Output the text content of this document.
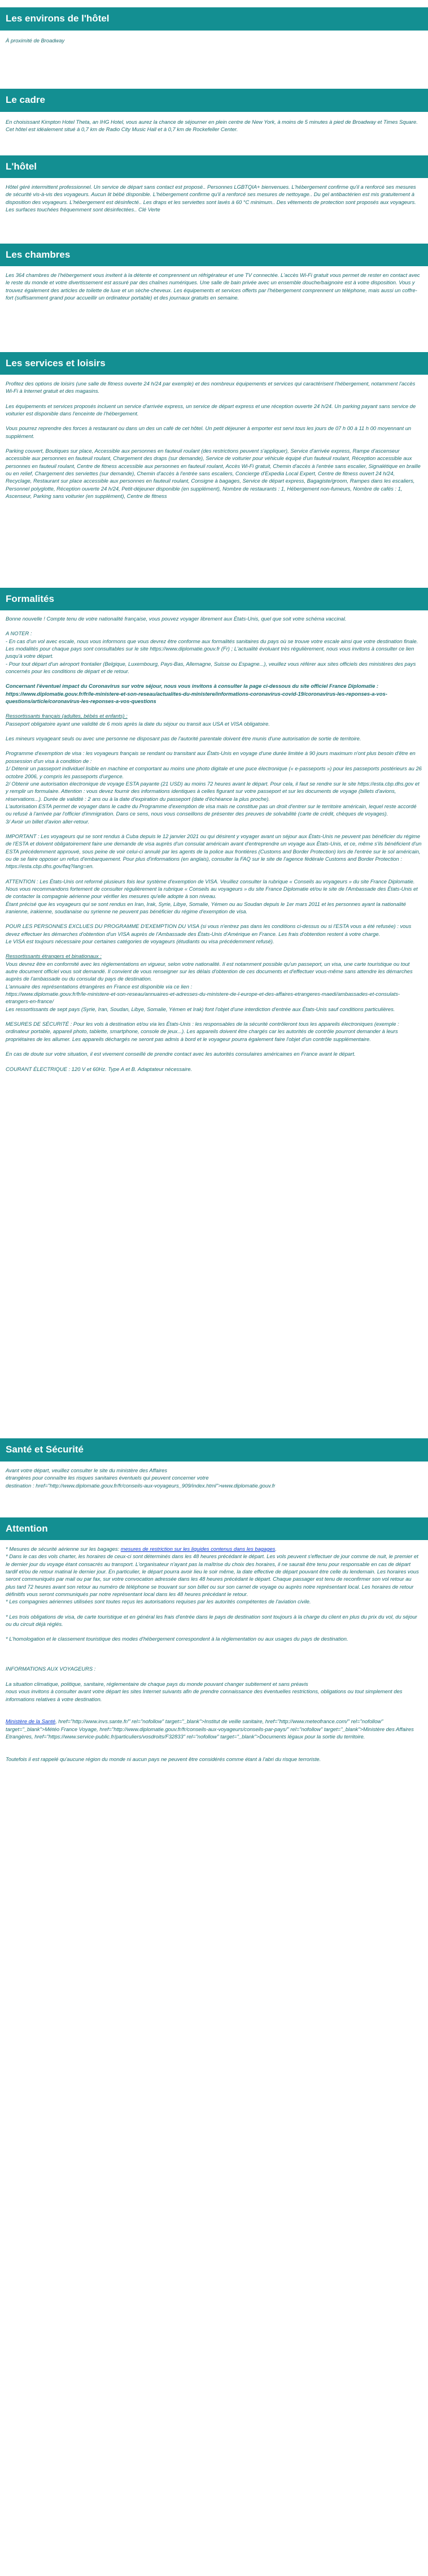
Les environs de l'hôtel

À proximité de Broadway

Le cadre

En choisissant Kimpton Hotel Theta, an IHG Hotel, vous aurez la chance de séjourner en plein centre de New York, à moins de 5 minutes à pied de Broadway et Times Square. Cet hôtel est idéalement situé à 0,7 km de Radio City Music Hall et à 0,7 km de Rockefeller Center.

L'hôtel

Hôtel géré intermittent professionnel. Un service de départ sans contact est proposé.. Personnes LGBTQIA+ bienvenues. L'hébergement confirme qu'il a renforcé ses mesures de sécurité vis-à-vis des voyageurs. Aucun lit bébé disponible. L'hébergement confirme qu'il a renforcé ses mesures de nettoyage.. Du gel antibactérien est mis gratuitement à disposition des voyageurs. L'hébergement est désinfecté.. Les draps et les serviettes sont lavés à 60 °C minimum.. Des vêtements de protection sont proposés aux voyageurs. Les surfaces touchées fréquemment sont désinfectées.. Clé Verte

Les chambres

Les 364 chambres de l'hébergement vous invitent à la détente et comprennent un réfrigérateur et une TV connectée. L'accès Wi-Fi gratuit vous permet de rester en contact avec le reste du monde et votre divertissement est assuré par des chaînes numériques. Une salle de bain privée avec un ensemble douche/baignoire est à votre disposition. Vous y trouvez également des articles de toilette de luxe et un sèche-cheveux. Les équipements et services offerts par l'hébergement comprennent un téléphone, mais aussi un coffre-fort (suffisamment grand pour accueillir un ordinateur portable) et des journaux gratuits en semaine.

Les services et loisirs

Profitez des options de loisirs (une salle de fitness ouverte 24 h/24 par exemple) et des nombreux équipements et services qui caractérisent l'hébergement, notamment l'accès Wi-Fi à Internet gratuit et des magasins.

Les équipements et services proposés incluent un service d'arrivée express, un service de départ express et une réception ouverte 24 h/24. Un parking payant sans service de voiturier est disponible dans l'enceinte de l'hébergement.

Vous pourrez reprendre des forces à restaurant ou dans un des un café de cet hôtel. Un petit déjeuner à emporter est servi tous les jours de 07 h 00 à 11 h 00 moyennant un supplément.

Parking couvert, Boutiques sur place, Accessible aux personnes en fauteuil roulant (des restrictions peuvent s'appliquer), Service d'arrivée express, Rampe d'ascenseur accessible aux personnes en fauteuil roulant, Chargement des draps (sur demande), Service de voiturier pour véhicule équipé d'un fauteuil roulant, Réception accessible aux personnes en fauteuil roulant, Centre de fitness accessible aux personnes en fauteuil roulant, Accès Wi-Fi gratuit, Chemin d'accès à l'entrée sans escalier, Signalétique en braille ou en relief, Chargement des serviettes (sur demande), Chemin d'accès à l'entrée sans escaliers, Concierge d'Expedia Local Expert, Centre de fitness ouvert 24 h/24, Recyclage, Restaurant sur place accessible aux personnes en fauteuil roulant, Consigne à bagages, Service de départ express, Bagagiste/groom, Rampes dans les escaliers, Personnel polyglotte, Réception ouverte 24 h/24, Petit-déjeuner disponible (en supplément), Nombre de restaurants : 1, Hébergement non-fumeurs, Nombre de cafés : 1, Ascenseur, Parking sans voiturier (en supplément), Centre de fitness

Formalités

Bonne nouvelle ! Compte tenu de votre nationalité française, vous pouvez voyager librement aux États-Unis, quel que soit votre schéma vaccinal.

A NOTER :
- En cas d'un vol avec escale, nous vous informons que vous devrez être conforme aux formalités sanitaires du pays où se trouve votre escale ainsi que votre destination finale.
Les modalités pour chaque pays sont consultables sur le site https://www.diplomatie.gouv.fr (Fr) ; L'actualité évoluant très régulièrement, nous vous invitons à consulter ce lien jusqu'à votre départ.
- Pour tout départ d'un aéroport frontalier (Belgique, Luxembourg, Pays-Bas, Allemagne, Suisse ou Espagne...), veuillez vous référer aux sites officiels des ministères des pays concernés pour les conditions de départ et de retour.

Concernant l'éventuel impact du Coronavirus sur votre séjour, nous vous invitons à consulter la page ci-dessous du site officiel France Diplomatie :
https://www.diplomatie.gouv.fr/fr/le-ministere-et-son-reseau/actualites-du-ministere/informations-coronavirus-covid-19/coronavirus-les-reponses-a-vos-questions/article/coronavirus-les-reponses-a-vos-questions

Ressortissants français (adultes, bébés et enfants) :

Passeport obligatoire ayant une validité de 6 mois après la date du séjour ou transit aux USA et VISA obligatoire.

Les mineurs voyageant seuls ou avec une personne ne disposant pas de l'autorité parentale doivent être munis d'une autorisation de sortie de territoire.

Programme d'exemption de visa : les voyageurs français se rendant ou transitant aux États-Unis en voyage d'une durée limitée à 90 jours maximum n'ont plus besoin d'être en possession d'un visa à condition de :
1/ Détenir un passeport individuel lisible en machine et comportant au moins une photo digitale et une puce électronique (« e-passeports ») pour les passeports postérieurs au 26 octobre 2006, y compris les passeports d'urgence.
2/ Obtenir une autorisation électronique de voyage ESTA payante (21 USD) au moins 72 heures avant le départ. Pour cela, il faut se rendre sur le site https://esta.cbp.dhs.gov et y remplir un formulaire. Attention : vous devez fournir des informations identiques à celles figurant sur votre passeport et sur les documents de voyage (billets d'avions, réservations...). Durée de validité : 2 ans ou à la date d'expiration du passeport (date d'échéance la plus proche).
L'autorisation ESTA permet de voyager dans le cadre du Programme d'exemption de visa mais ne constitue pas un droit d'entrer sur le territoire américain, lequel reste accordé ou refusé à l'arrivée par l'officier d'immigration. Dans ce sens, nous vous conseillons de présenter des preuves de solvabilité (carte de crédit, chèques de voyages).
3/ Avoir un billet d'avion aller-retour.

IMPORTANT : Les voyageurs qui se sont rendus à Cuba depuis le 12 janvier 2021 ou qui désirent y voyager avant un séjour aux États-Unis ne peuvent pas bénéficier du régime de l'ESTA et doivent obligatoirement faire une demande de visa auprès d'un consulat américain avant d'entreprendre un voyage aux États-Unis, et ce, même s'ils bénéficient d'un ESTA précédemment approuvé, sous peine de voir celui-ci annulé par les agents de la police aux frontières (Customs and Border Protection) lors de l'entrée sur le sol américain, ou de se faire opposer un refus d'embarquement. Pour plus d'informations (en anglais), consulter la FAQ sur le site de l'agence fédérale Customs and Border Protection : https://esta.cbp.dhs.gov/faq?lang=en.

ATTENTION : Les États-Unis ont reformé plusieurs fois leur système d'exemption de VISA. Veuillez consulter la rubrique « Conseils au voyageurs » du site France Diplomatie.
Nous vous recommandons fortement de consulter régulièrement la rubrique « Conseils au voyageurs » du site France Diplomatie et/ou le site de l'Ambassade des États-Unis et de contacter la compagnie aérienne pour vérifier les mesures qu'elle adopte à son niveau.
Étant précisé que les voyageurs qui se sont rendus en Iran, Irak, Syrie, Libye, Somalie, Yémen ou au Soudan depuis le 1er mars 2011 et les personnes ayant la nationalité iranienne, irakienne, soudanaise ou syrienne ne peuvent pas bénéficier du régime d'exemption de visa.

POUR LES PERSONNES EXCLUES DU PROGRAMME D'EXEMPTION DU VISA (si vous n'entrez pas dans les conditions ci-dessus ou si l'ESTA vous a été refusée) : vous devez effectuer les démarches d'obtention d'un VISA auprès de l'Ambassade des États-Unis d'Amérique en France. Les frais d'obtention restent à votre charge.
Le VISA est toujours nécessaire pour certaines catégories de voyageurs (étudiants ou visa précédemment refusé).

Ressortissants étrangers et binationaux :

Vous devrez être en conformité avec les réglementations en vigueur, selon votre nationalité. Il est notamment possible qu'un passeport, un visa, une carte touristique ou tout autre document officiel vous soit demandé. Il convient de vous renseigner sur les délais d'obtention de ces documents et d'effectuer vous-même sans attendre les démarches auprès de l'ambassade ou du consulat du pays de destination.
L'annuaire des représentations étrangères en France est disponible via ce lien :
https://www.diplomatie.gouv.fr/fr/le-ministere-et-son-reseau/annuaires-et-adresses-du-ministere-de-l-europe-et-des-affaires-etrangeres-maedi/ambassades-et-consulats-etrangers-en-france/
Les ressortissants de sept pays (Syrie, Iran, Soudan, Libye, Somalie, Yémen et Irak) font l'objet d'une interdiction d'entrée aux États-Unis sauf conditions particulières.

MESURES DE SÉCURITÉ : Pour les vols à destination et/ou via les États-Unis : les responsables de la sécurité contrôleront tous les appareils électroniques (exemple : ordinateur portable, appareil photo, tablette, smartphone, console de jeux...). Les appareils doivent être chargés car les autorités de contrôle pourront demander à leurs propriétaires de les allumer. Les appareils déchargés ne seront pas admis à bord et le voyageur pourra également faire l'objet d'un contrôle supplémentaire.

En cas de doute sur votre situation, il est vivement conseillé de prendre contact avec les autorités consulaires américaines en France avant le départ.

COURANT ÉLECTRIQUE : 120 V et 60Hz. Type A et B. Adaptateur nécessaire.

Santé et Sécurité

Avant votre départ, veuillez consulter le site du ministère des Affaires
étrangères pour connaître les risques sanitaires éventuels qui peuvent concerner votre
destination : href="http://www.diplomatie.gouv.fr/fr/conseils-aux-voyageurs_909/index.html">www.diplomatie.gouv.fr

Attention

* Mesures de sécurité aérienne sur les bagages: mesures de restriction sur les liquides contenus dans les bagages.
* Dans le cas des vols charter, les horaires de ceux-ci sont déterminés dans les 48 heures précédant le départ. Les vols peuvent s'effectuer de jour comme de nuit, le premier et le dernier jour du voyage étant consacrés au transport. L'organisateur n'ayant pas la maîtrise du choix des horaires, il ne saurait être tenu pour responsable en cas de départ tardif et/ou de retour matinal le dernier jour. En particulier, le départ pourra avoir lieu le soir même, la date effective de départ pouvant être celle du lendemain. Les horaires vous seront communiqués par mail ou par fax, sur votre convocation adressée dans les 48 heures précédant le départ. Chaque passager est tenu de reconfirmer son vol retour au plus tard 72 heures avant son retour au numéro de téléphone se trouvant sur son billet ou sur son carnet de voyage ou auprès notre représentant local. Les horaires de retour définitifs vous seront communiqués par notre représentant local dans les 48 heures précédant le retour.
* Les compagnies aériennes utilisées sont toutes reçus les autorisations requises par les autorités compétentes de l'aviation civile.

* Les trois obligations de visa, de carte touristique et en général les frais d'entrée dans le pays de destination sont toujours à la charge du client en plus du prix du vol, du séjour ou du circuit déjà réglés.

* L'homologation et le classement touristique des modes d'hébergement correspondent à la réglementation ou aux usages du pays de destination.

INFORMATIONS AUX VOYAGEURS :

La situation climatique, politique, sanitaire, réglementaire de chaque pays du monde pouvant changer subitement et sans préavis
nous vous invitons à consulter avant votre départ les sites Internet suivants afin de prendre connaissance des éventuelles restrictions, obligations ou tout simplement des informations relatives à votre destination.

Ministère de la Santé, href="http://www.invs.sante.fr/" rel="nofollow" target="_blank">Institut de veille sanitaire, href="http://www.meteofrance.com/" rel="nofollow" target="_blank">Météo France Voyage, href="http://www.diplomatie.gouv.fr/fr/conseils-aux-voyageurs/conseils-par-pays/" rel="nofollow" target="_blank">Ministère des Affaires Etrangères, href="https://www.service-public.fr/particuliers/vosdroits/F32833" rel="nofollow" target="_blank">Documents légaux pour la sortie du territoire.

Toutefois il est rappelé qu'aucune région du monde ni aucun pays ne peuvent être considérés comme étant à l'abri du risque terroriste.
